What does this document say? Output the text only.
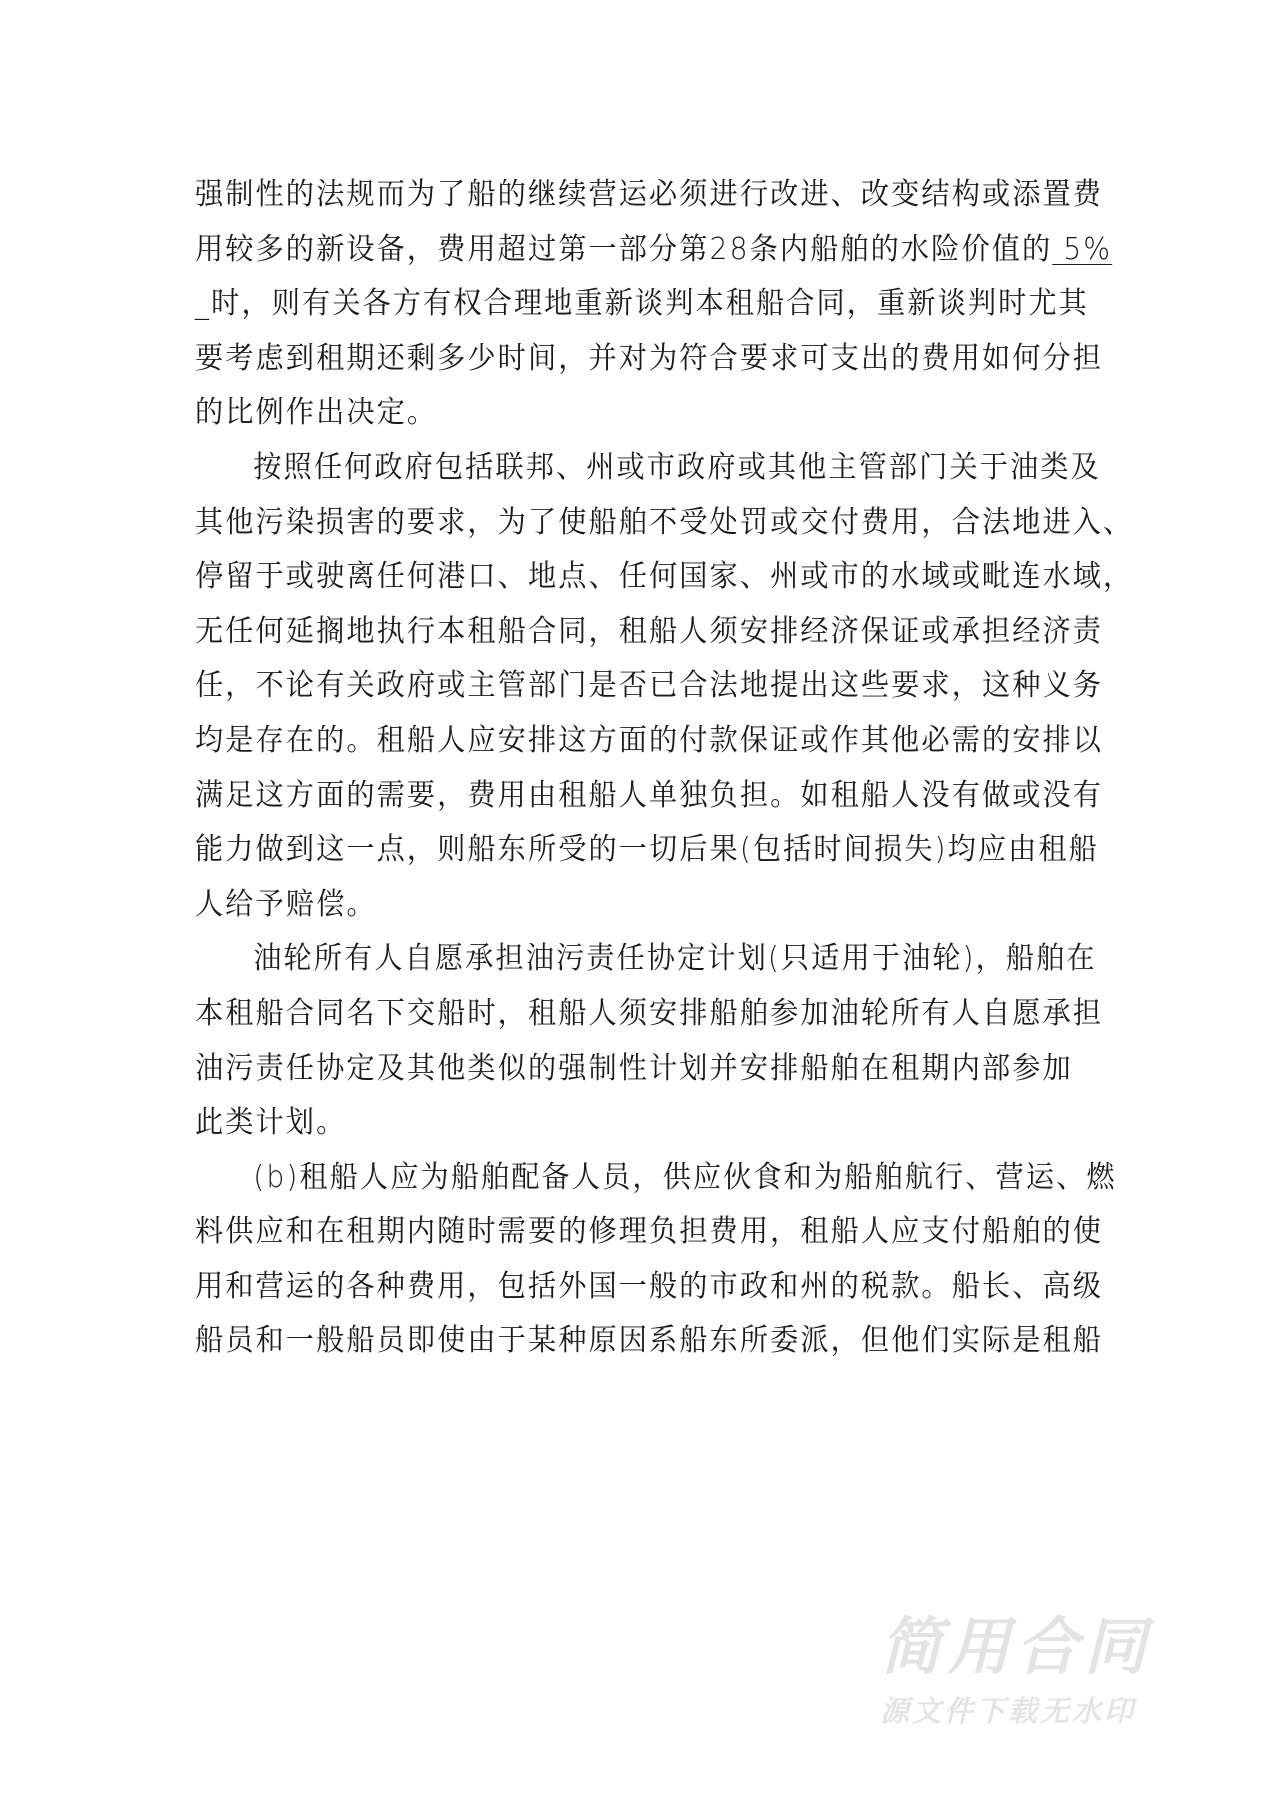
强制性的法规而为了船的继续营运必须进行改进、改变结构或添置费
用较多的新设备，费用超过第一部分第28条内船舶的水险价值的 5%
_时，则有关各方有权合理地重新谈判本租船合同，重新谈判时尤其
要考虑到租期还剩多少时间，并对为符合要求可支出的费用如何分担
的比例作出决定。
按照任何政府包括联邦、州或市政府或其他主管部门关于油类及
其他污染损害的要求，为了使船舶不受处罚或交付费用，合法地进入、
停留于或驶离任何港口、地点、任何国家、州或市的水域或毗连水域，
无任何延搁地执行本租船合同，租船人须安排经济保证或承担经济责
任，不论有关政府或主管部门是否已合法地提出这些要求，这种义务
均是存在的。租船人应安排这方面的付款保证或作其他必需的安排以
满足这方面的需要，费用由租船人单独负担。如租船人没有做或没有
能力做到这一点，则船东所受的一切后果(包括时间损失)均应由租船
人给予赔偿。
油轮所有人自愿承担油污责任协定计划(只适用于油轮)，船舶在
本租船合同名下交船时，租船人须安排船舶参加油轮所有人自愿承担
油污责任协定及其他类似的强制性计划并安排船舶在租期内部参加
此类计划。
(b)租船人应为船舶配备人员，供应伙食和为船舶航行、营运、燃
料供应和在租期内随时需要的修理负担费用，租船人应支付船舶的使
用和营运的各种费用，包括外国一般的市政和州的税款。船长、高级
船员和一般船员即使由于某种原因系船东所委派，但他们实际是租船
简用合同
源文件下载无水印
